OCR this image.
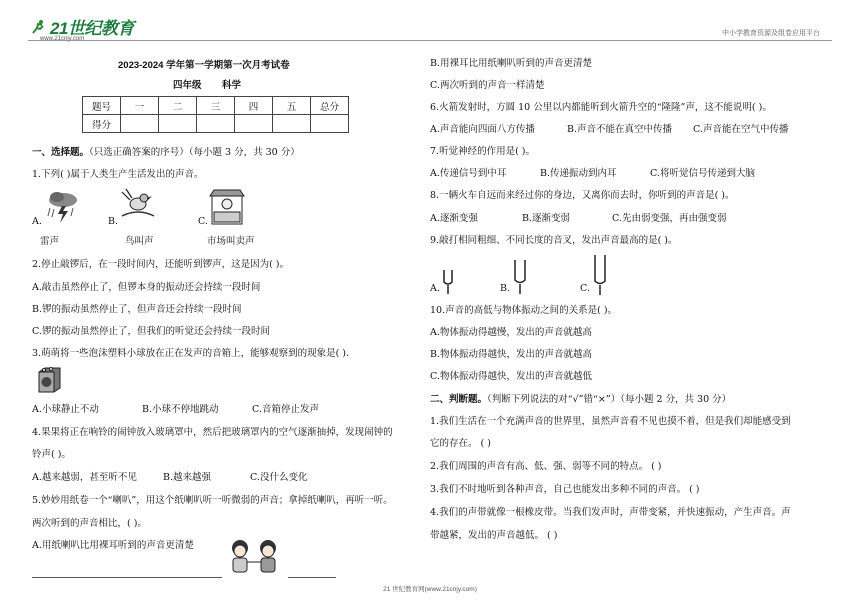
21世纪教育
www.21cnjy.com
中小学教育资源及组卷应用平台
2023-2024 学年第一学期第一次月考试卷
四年级 科学
题号	一	二	三	四	五	总分
得分						
一、选择题。（只选正确答案的序号）（每小题 3 分，共 30 分）
1.下列( )属于人类生产生活发出的声音。
A.	B.	C.
雷声	鸟叫声	市场叫卖声
2.停止敲锣后，在一段时间内，还能听到锣声，这是因为( )。
A.敲击虽然停止了，但锣本身的振动还会持续一段时间
B.锣的振动虽然停止了，但声音还会持续一段时间
C.锣的振动虽然停止了，但我们的听觉还会持续一段时间
3.萌萌将一些泡沫塑料小球放在正在发声的音箱上，能够观察到的现象是( ).
A.小球静止不动	B.小球不停地跳动	C.音箱停止发声
4.果果将正在响铃的闹钟放入玻璃罩中，然后把玻璃罩内的空气逐渐抽掉，发现闹钟的
铃声( )。
A.越来越弱，甚至听不见	B.越来越强	C.没什么变化
5.妙妙用纸卷一个“喇叭”，用这个纸喇叭听一听微弱的声音；拿掉纸喇叭，再听一听。
两次听到的声音相比，( )。
A.用纸喇叭比用裸耳听到的声音更清楚
B.用裸耳比用纸喇叭听到的声音更清楚
C.两次听到的声音一样清楚
6.火箭发射时，方圆 10 公里以内都能听到火箭升空的“隆隆”声，这不能说明( )。
A.声音能向四面八方传播	B.声音不能在真空中传播 C.声音能在空气中传播
7.听觉神经的作用是( )。
A.传递信号到中耳	B.传递振动到内耳	C.将听觉信号传递到大脑
8.一辆火车自远而来经过你的身边，又离你而去时，你听到的声音是( )。
A.逐渐变强	B.逐渐变弱	C.先由弱变强，再由强变弱
9.敲打相同粗细、不同长度的音叉，发出声音最高的是( )。
A.	B.	C.
10.声音的高低与物体振动之间的关系是( )。
A.物体振动得越慢，发出的声音就越高
B.物体振动得越快，发出的声音就越高
C.物体振动得越快，发出的声音就越低
二、判断题。（判断下列说法的对“√”错“×”）（每小题 2 分，共 30 分）
1.我们生活在一个充满声音的世界里，虽然声音看不见也摸不着，但是我们却能感受到
它的存在。 ( )
2.我们周围的声音有高、低、强、弱等不同的特点。 ( )
3.我们不时地听到各种声音，自己也能发出多种不同的声音。 ( )
4.我们的声带就像一根橡皮带。当我们发声时，声带变紧，并快速振动，产生声音。声
带越紧，发出的声音越低。 ( )
21 世纪教育网(www.21cnjy.com)
